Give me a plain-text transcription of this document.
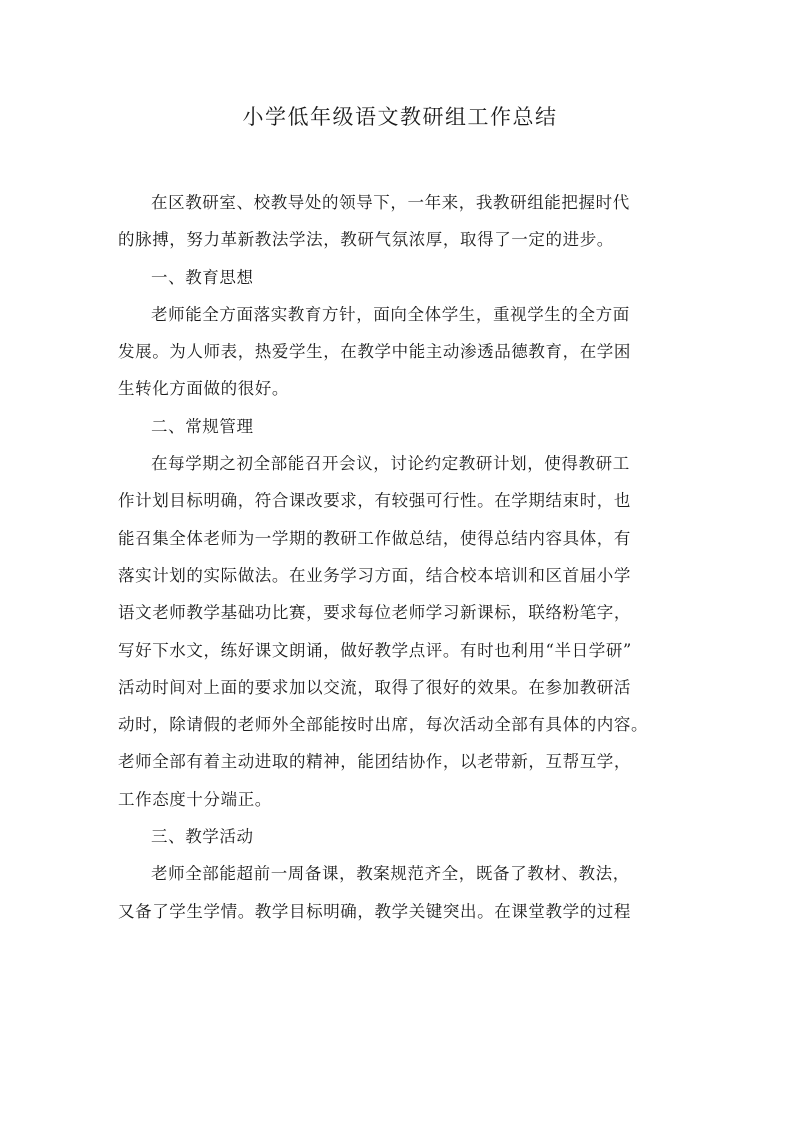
小学低年级语文教研组工作总结

在区教研室、校教导处的领导下，一年来，我教研组能把握时代
的脉搏，努力革新教法学法，教研气氛浓厚，取得了一定的进步。

一、教育思想

老师能全方面落实教育方针，面向全体学生，重视学生的全方面
发展。为人师表，热爱学生，在教学中能主动渗透品德教育，在学困
生转化方面做的很好。

二、常规管理

在每学期之初全部能召开会议，讨论约定教研计划，使得教研工
作计划目标明确，符合课改要求，有较强可行性。在学期结束时，也
能召集全体老师为一学期的教研工作做总结，使得总结内容具体，有
落实计划的实际做法。在业务学习方面，结合校本培训和区首届小学
语文老师教学基础功比赛，要求每位老师学习新课标，联络粉笔字，
写好下水文，练好课文朗诵，做好教学点评。有时也利用“半日学研”
活动时间对上面的要求加以交流，取得了很好的效果。在参加教研活
动时，除请假的老师外全部能按时出席，每次活动全部有具体的内容。
老师全部有着主动进取的精神，能团结协作，以老带新，互帮互学，
工作态度十分端正。

三、教学活动

老师全部能超前一周备课，教案规范齐全，既备了教材、教法，
又备了学生学情。教学目标明确，教学关键突出。在课堂教学的过程
